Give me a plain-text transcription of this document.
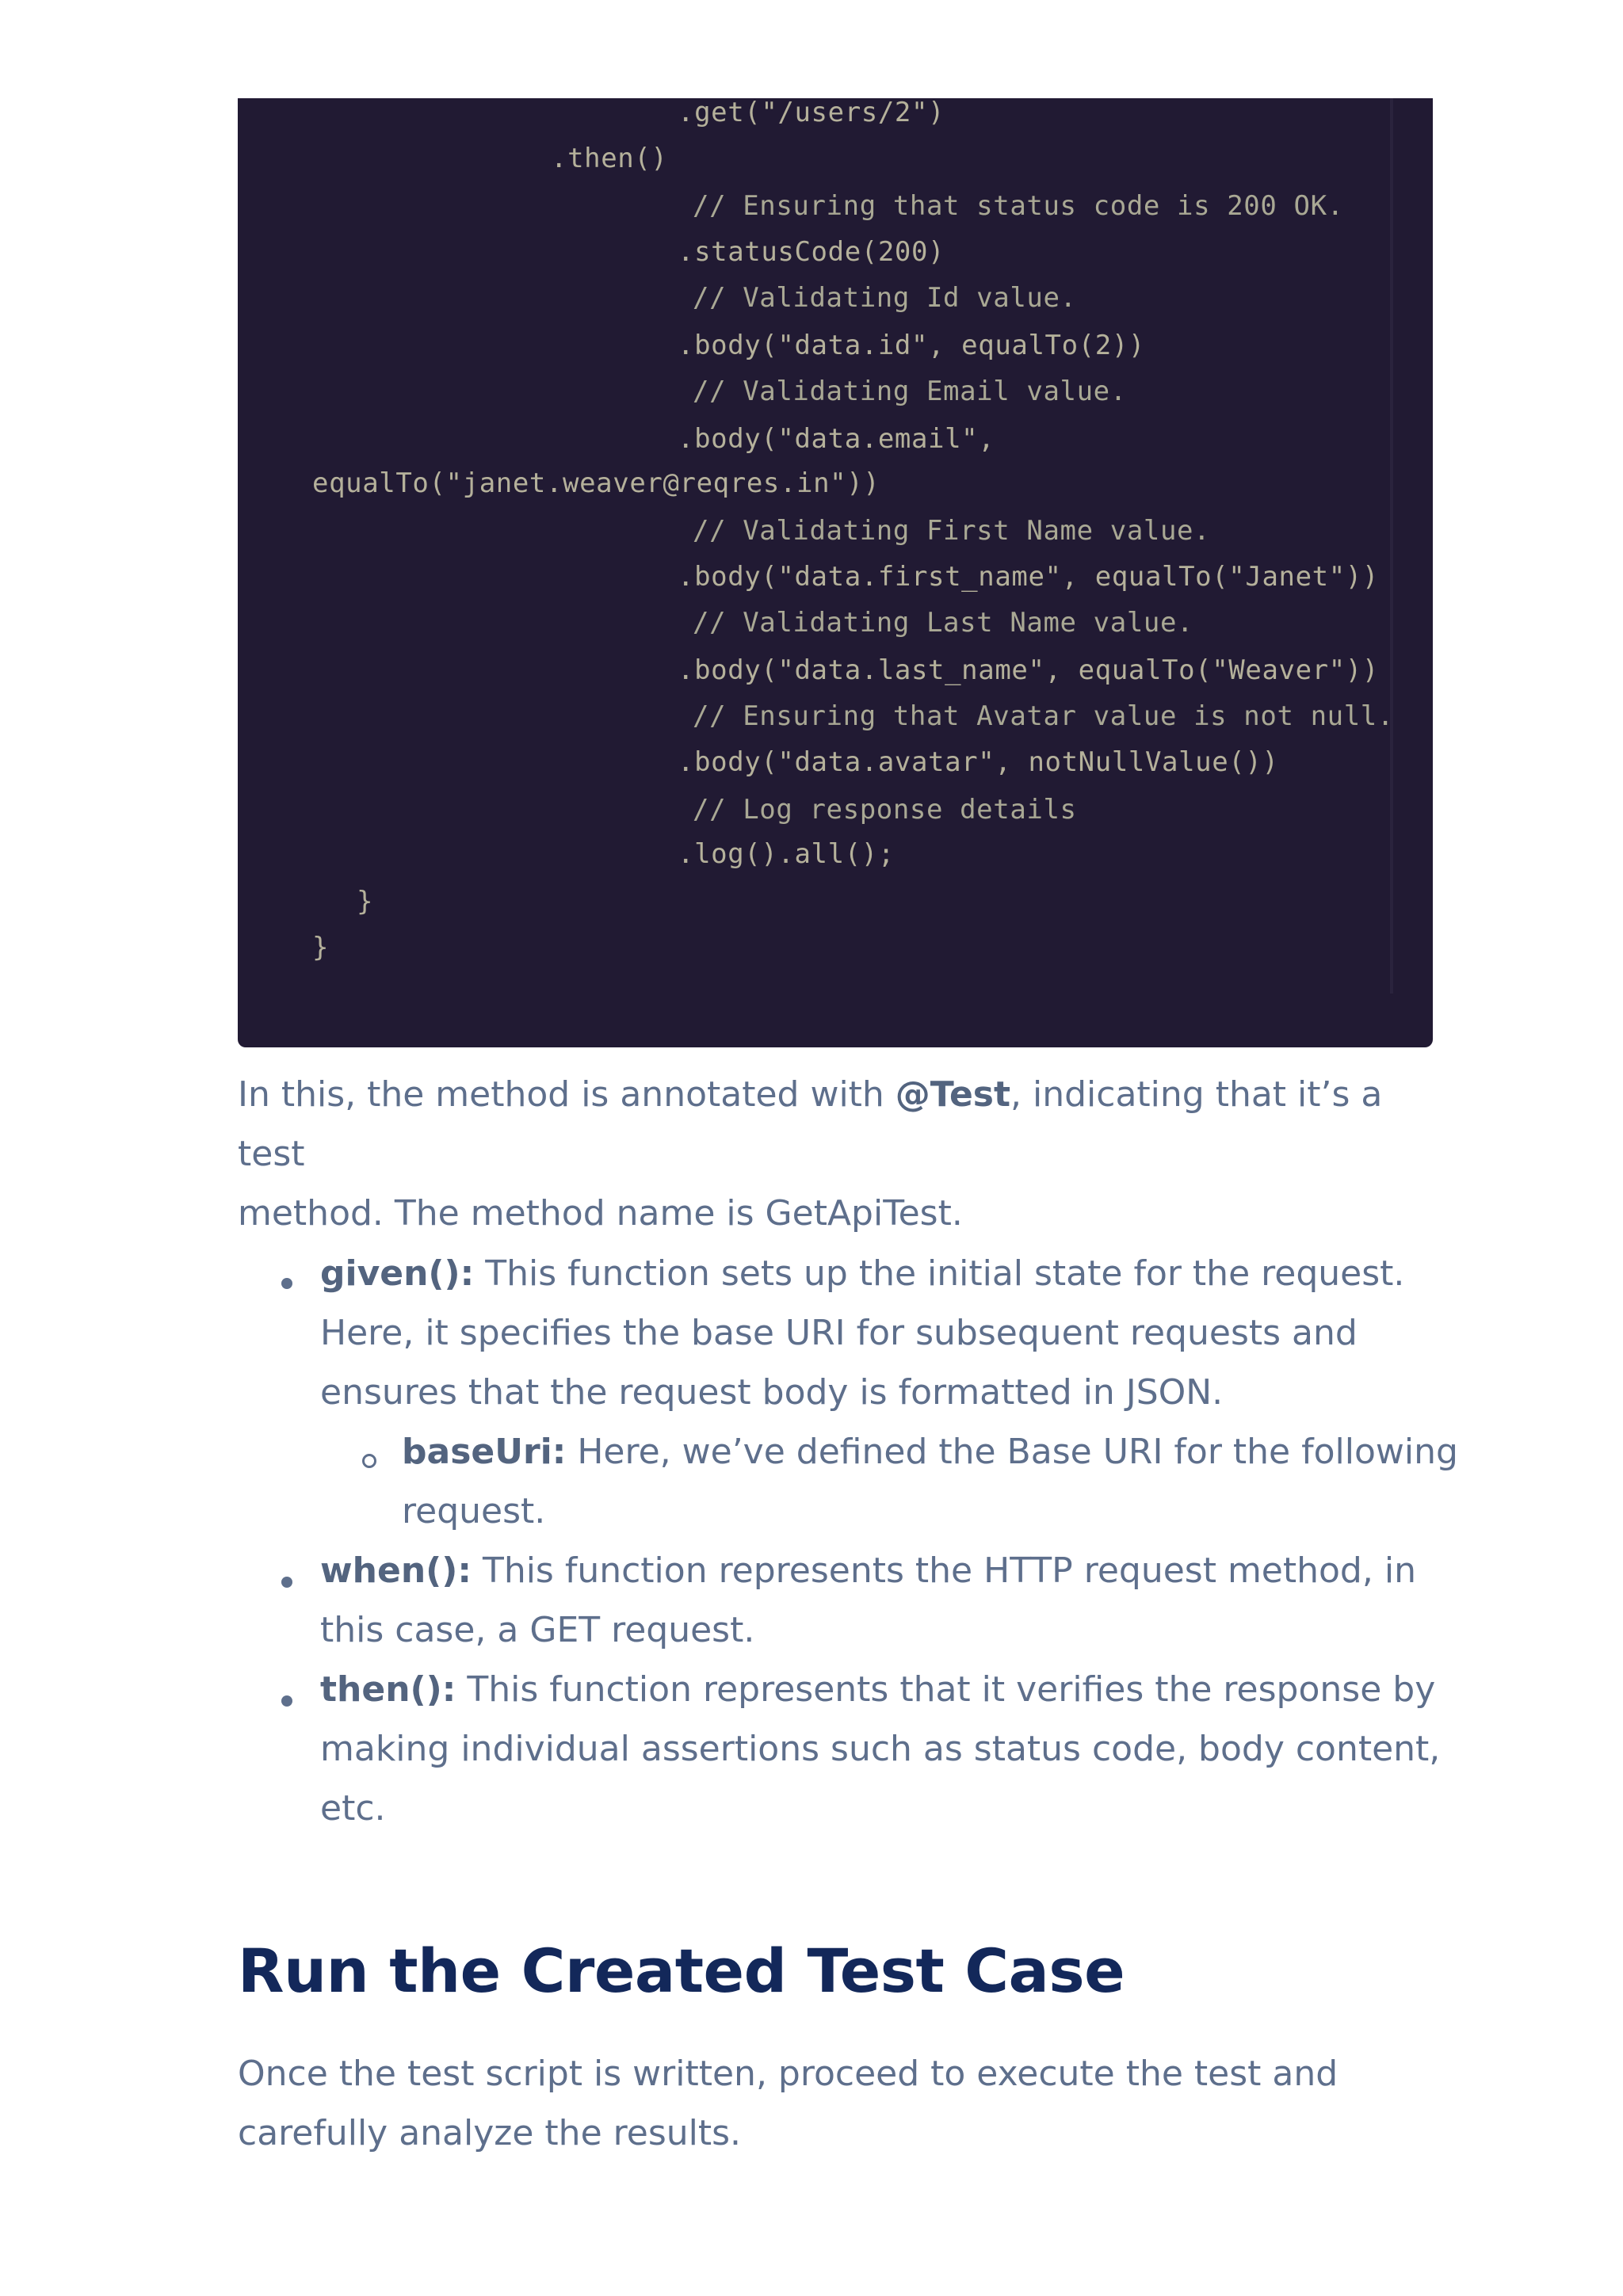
.get("/users/2")
.then()
// Ensuring that status code is 200 OK.
.statusCode(200)
// Validating Id value.
.body("data.id", equalTo(2))
// Validating Email value.
.body("data.email",
equalTo("janet.weaver@reqres.in"))
// Validating First Name value.
.body("data.first_name", equalTo("Janet"))
// Validating Last Name value.
.body("data.last_name", equalTo("Weaver"))
// Ensuring that Avatar value is not null.
.body("data.avatar", notNullValue())
// Log response details
.log().all();
}
}
In this, the method is annotated with @Test, indicating that it’s a test
method. The method name is GetApiTest.
given(): This function sets up the initial state for the request.
Here, it specifies the base URI for subsequent requests and
ensures that the request body is formatted in JSON.
baseUri: Here, we’ve defined the Base URI for the following
request.
when(): This function represents the HTTP request method, in
this case, a GET request.
then(): This function represents that it verifies the response by
making individual assertions such as status code, body content,
etc.
Run the Created Test Case
Once the test script is written, proceed to execute the test and
carefully analyze the results.
